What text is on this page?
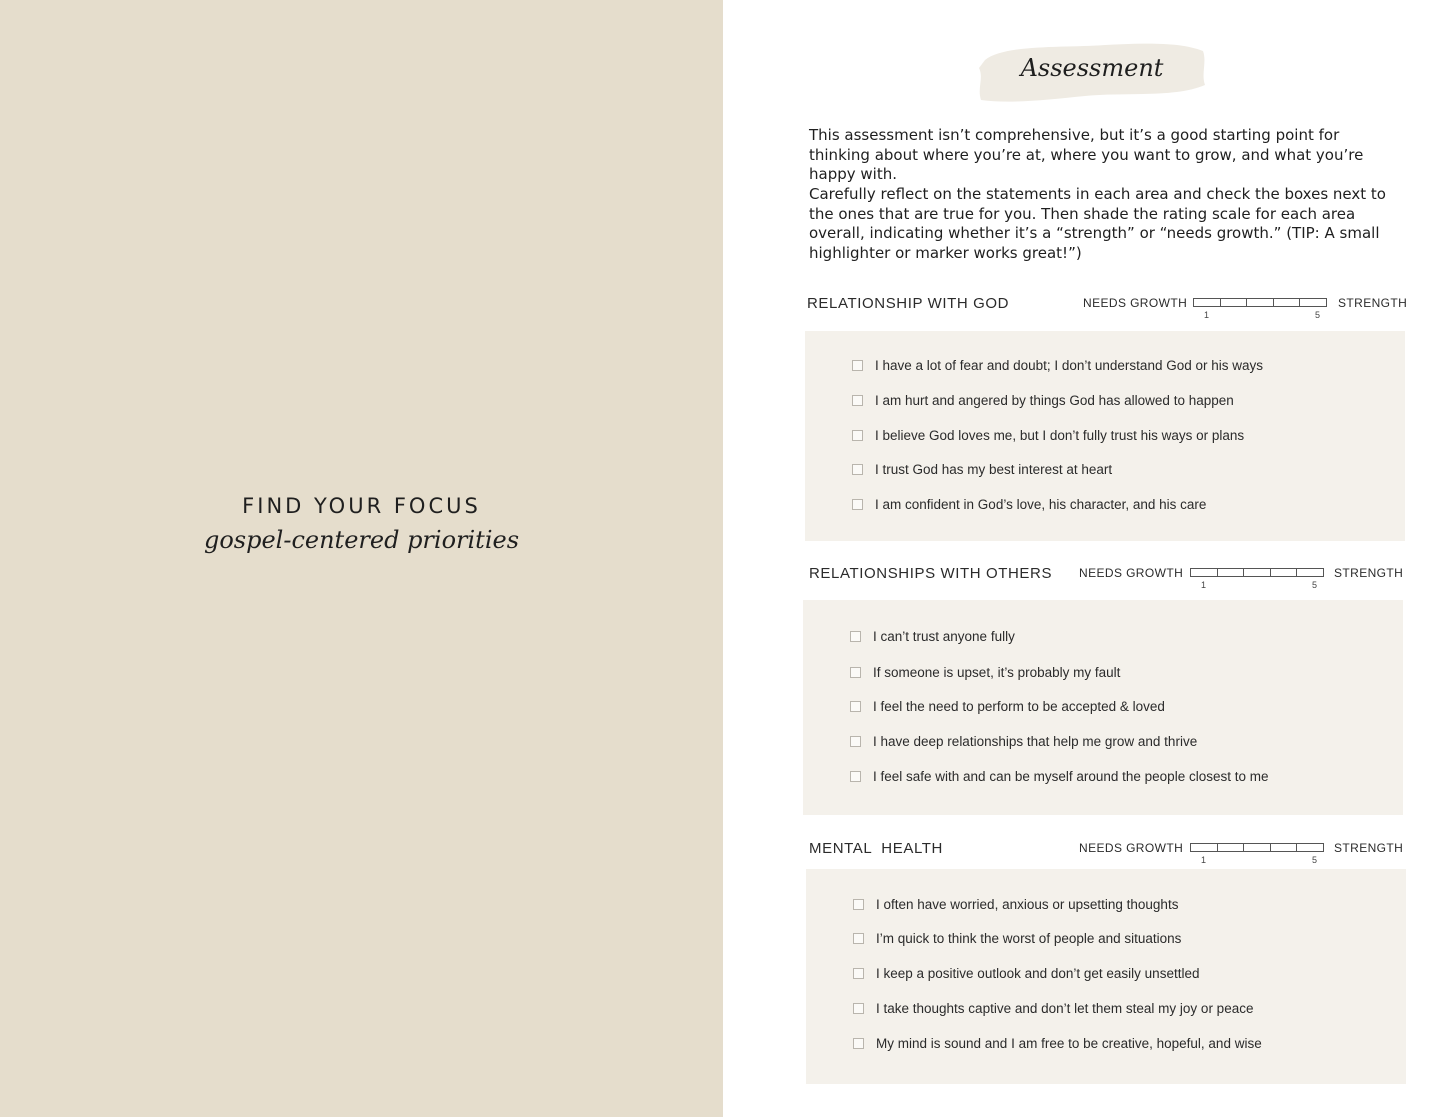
FIND YOUR FOCUS
gospel-centered priorities
Assessment
This assessment isn’t comprehensive, but it’s a good starting point for thinking about where you’re at, where you want to grow, and what you’re happy with.
Carefully reflect on the statements in each area and check the boxes next to the ones that are true for you. Then shade the rating scale for each area overall, indicating whether it’s a “strength” or “needs growth.” (TIP: A small highlighter or marker works great!”)
RELATIONSHIP WITH GOD	NEEDS GROWTH	STRENGTH
1	5
I have a lot of fear and doubt; I don’t understand God or his ways
I am hurt and angered by things God has allowed to happen
I believe God loves me, but I don’t fully trust his ways or plans
I trust God has my best interest at heart
I am confident in God’s love, his character, and his care
RELATIONSHIPS WITH OTHERS NEEDS GROWTH	STRENGTH
1	5
I can’t trust anyone fully
If someone is upset, it’s probably my fault
I feel the need to perform to be accepted & loved
I have deep relationships that help me grow and thrive
I feel safe with and can be myself around the people closest to me
MENTAL  HEALTH	NEEDS GROWTH	STRENGTH
1	5
I often have worried, anxious or upsetting thoughts
I’m quick to think the worst of people and situations
I keep a positive outlook and don’t get easily unsettled
I take thoughts captive and don’t let them steal my joy or peace
My mind is sound and I am free to be creative, hopeful, and wise
